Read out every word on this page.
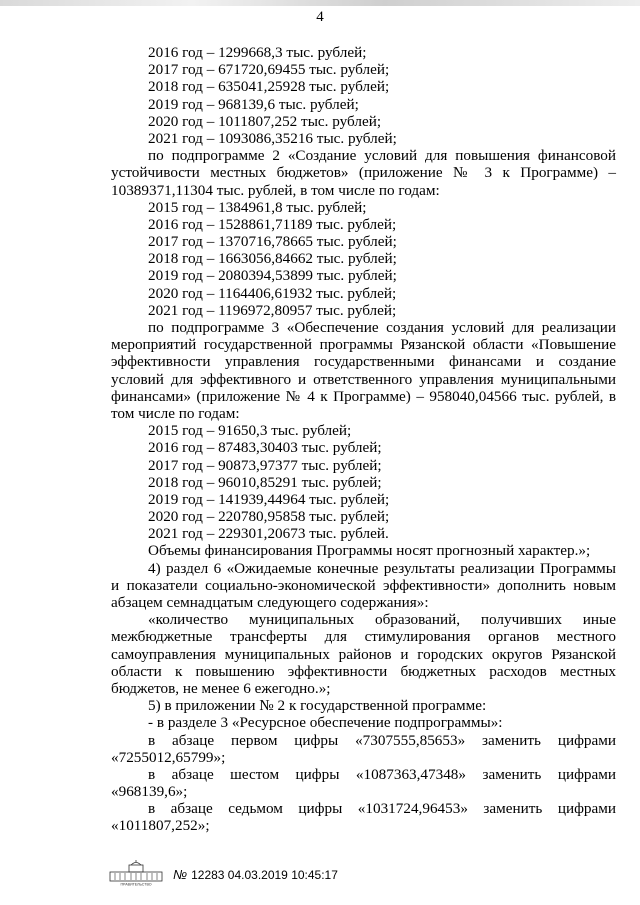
4
2016 год – 1299668,3 тыс. рублей;
2017 год – 671720,69455 тыс. рублей;
2018 год – 635041,25928 тыс. рублей;
2019 год – 968139,6 тыс. рублей;
2020 год – 1011807,252 тыс. рублей;
2021 год – 1093086,35216 тыс. рублей;
по подпрограмме 2 «Создание условий для повышения финансовой
устойчивости местных бюджетов» (приложение № 3 к Программе) –
10389371,11304 тыс. рублей, в том числе по годам:
2015 год – 1384961,8 тыс. рублей;
2016 год – 1528861,71189 тыс. рублей;
2017 год – 1370716,78665 тыс. рублей;
2018 год – 1663056,84662 тыс. рублей;
2019 год – 2080394,53899 тыс. рублей;
2020 год – 1164406,61932 тыс. рублей;
2021 год – 1196972,80957 тыс. рублей;
по подпрограмме 3 «Обеспечение создания условий для реализации
мероприятий государственной программы Рязанской области «Повышение
эффективности управления государственными финансами и создание
условий для эффективного и ответственного управления муниципальными
финансами» (приложение № 4 к Программе) – 958040,04566 тыс. рублей, в
том числе по годам:
2015 год – 91650,3 тыс. рублей;
2016 год – 87483,30403 тыс. рублей;
2017 год – 90873,97377 тыс. рублей;
2018 год – 96010,85291 тыс. рублей;
2019 год – 141939,44964 тыс. рублей;
2020 год – 220780,95858 тыс. рублей;
2021 год – 229301,20673 тыс. рублей.
Объемы финансирования Программы носят прогнозный характер.»;
4) раздел 6 «Ожидаемые конечные результаты реализации Программы
и показатели социально-экономической эффективности» дополнить новым
абзацем семнадцатым следующего содержания»:
«количество муниципальных образований, получивших иные
межбюджетные трансферты для стимулирования органов местного
самоуправления муниципальных районов и городских округов Рязанской
области к повышению эффективности бюджетных расходов местных
бюджетов, не менее 6 ежегодно.»;
5) в приложении № 2 к государственной программе:
- в разделе 3 «Ресурсное обеспечение подпрограммы»:
в абзаце первом цифры «7307555,85653» заменить цифрами
«7255012,65799»;
в абзаце шестом цифры «1087363,47348» заменить цифрами
«968139,6»;
в абзаце седьмом цифры «1031724,96453» заменить цифрами
«1011807,252»;
ПРАВИТЕЛЬСТВО
№ 12283 04.03.2019 10:45:17
